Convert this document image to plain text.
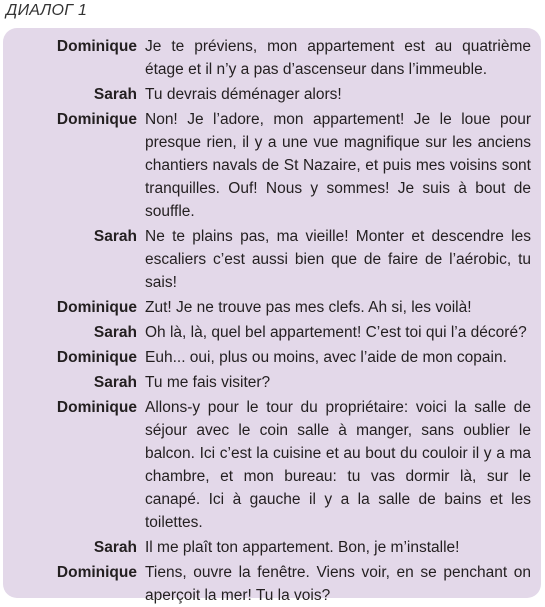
ДИАЛОГ 1
Dominique Je te préviens, mon appartement est au quatrième étage et il n’y a pas d’ascenseur dans l’immeuble.
Sarah Tu devrais déménager alors!
Dominique Non! Je l’adore, mon appartement! Je le loue pour presque rien, il y a une vue magnifique sur les anciens chantiers navals de St Nazaire, et puis mes voisins sont tranquilles. Ouf! Nous y sommes! Je suis à bout de souffle.
Sarah Ne te plains pas, ma vieille! Monter et descendre les escaliers c’est aussi bien que de faire de l’aérobic, tu sais!
Dominique Zut! Je ne trouve pas mes clefs. Ah si, les voilà!
Sarah Oh là, là, quel bel appartement! C’est toi qui l’a décoré?
Dominique Euh... oui, plus ou moins, avec l’aide de mon copain.
Sarah Tu me fais visiter?
Dominique Allons-y pour le tour du propriétaire: voici la salle de séjour avec le coin salle à manger, sans oublier le balcon. Ici c’est la cuisine et au bout du couloir il y a ma chambre, et mon bureau: tu vas dormir là, sur le canapé. Ici à gauche il y a la salle de bains et les toilettes.
Sarah Il me plaît ton appartement. Bon, je m’installe!
Dominique Tiens, ouvre la fenêtre. Viens voir, en se penchant on aperçoit la mer! Tu la vois?
